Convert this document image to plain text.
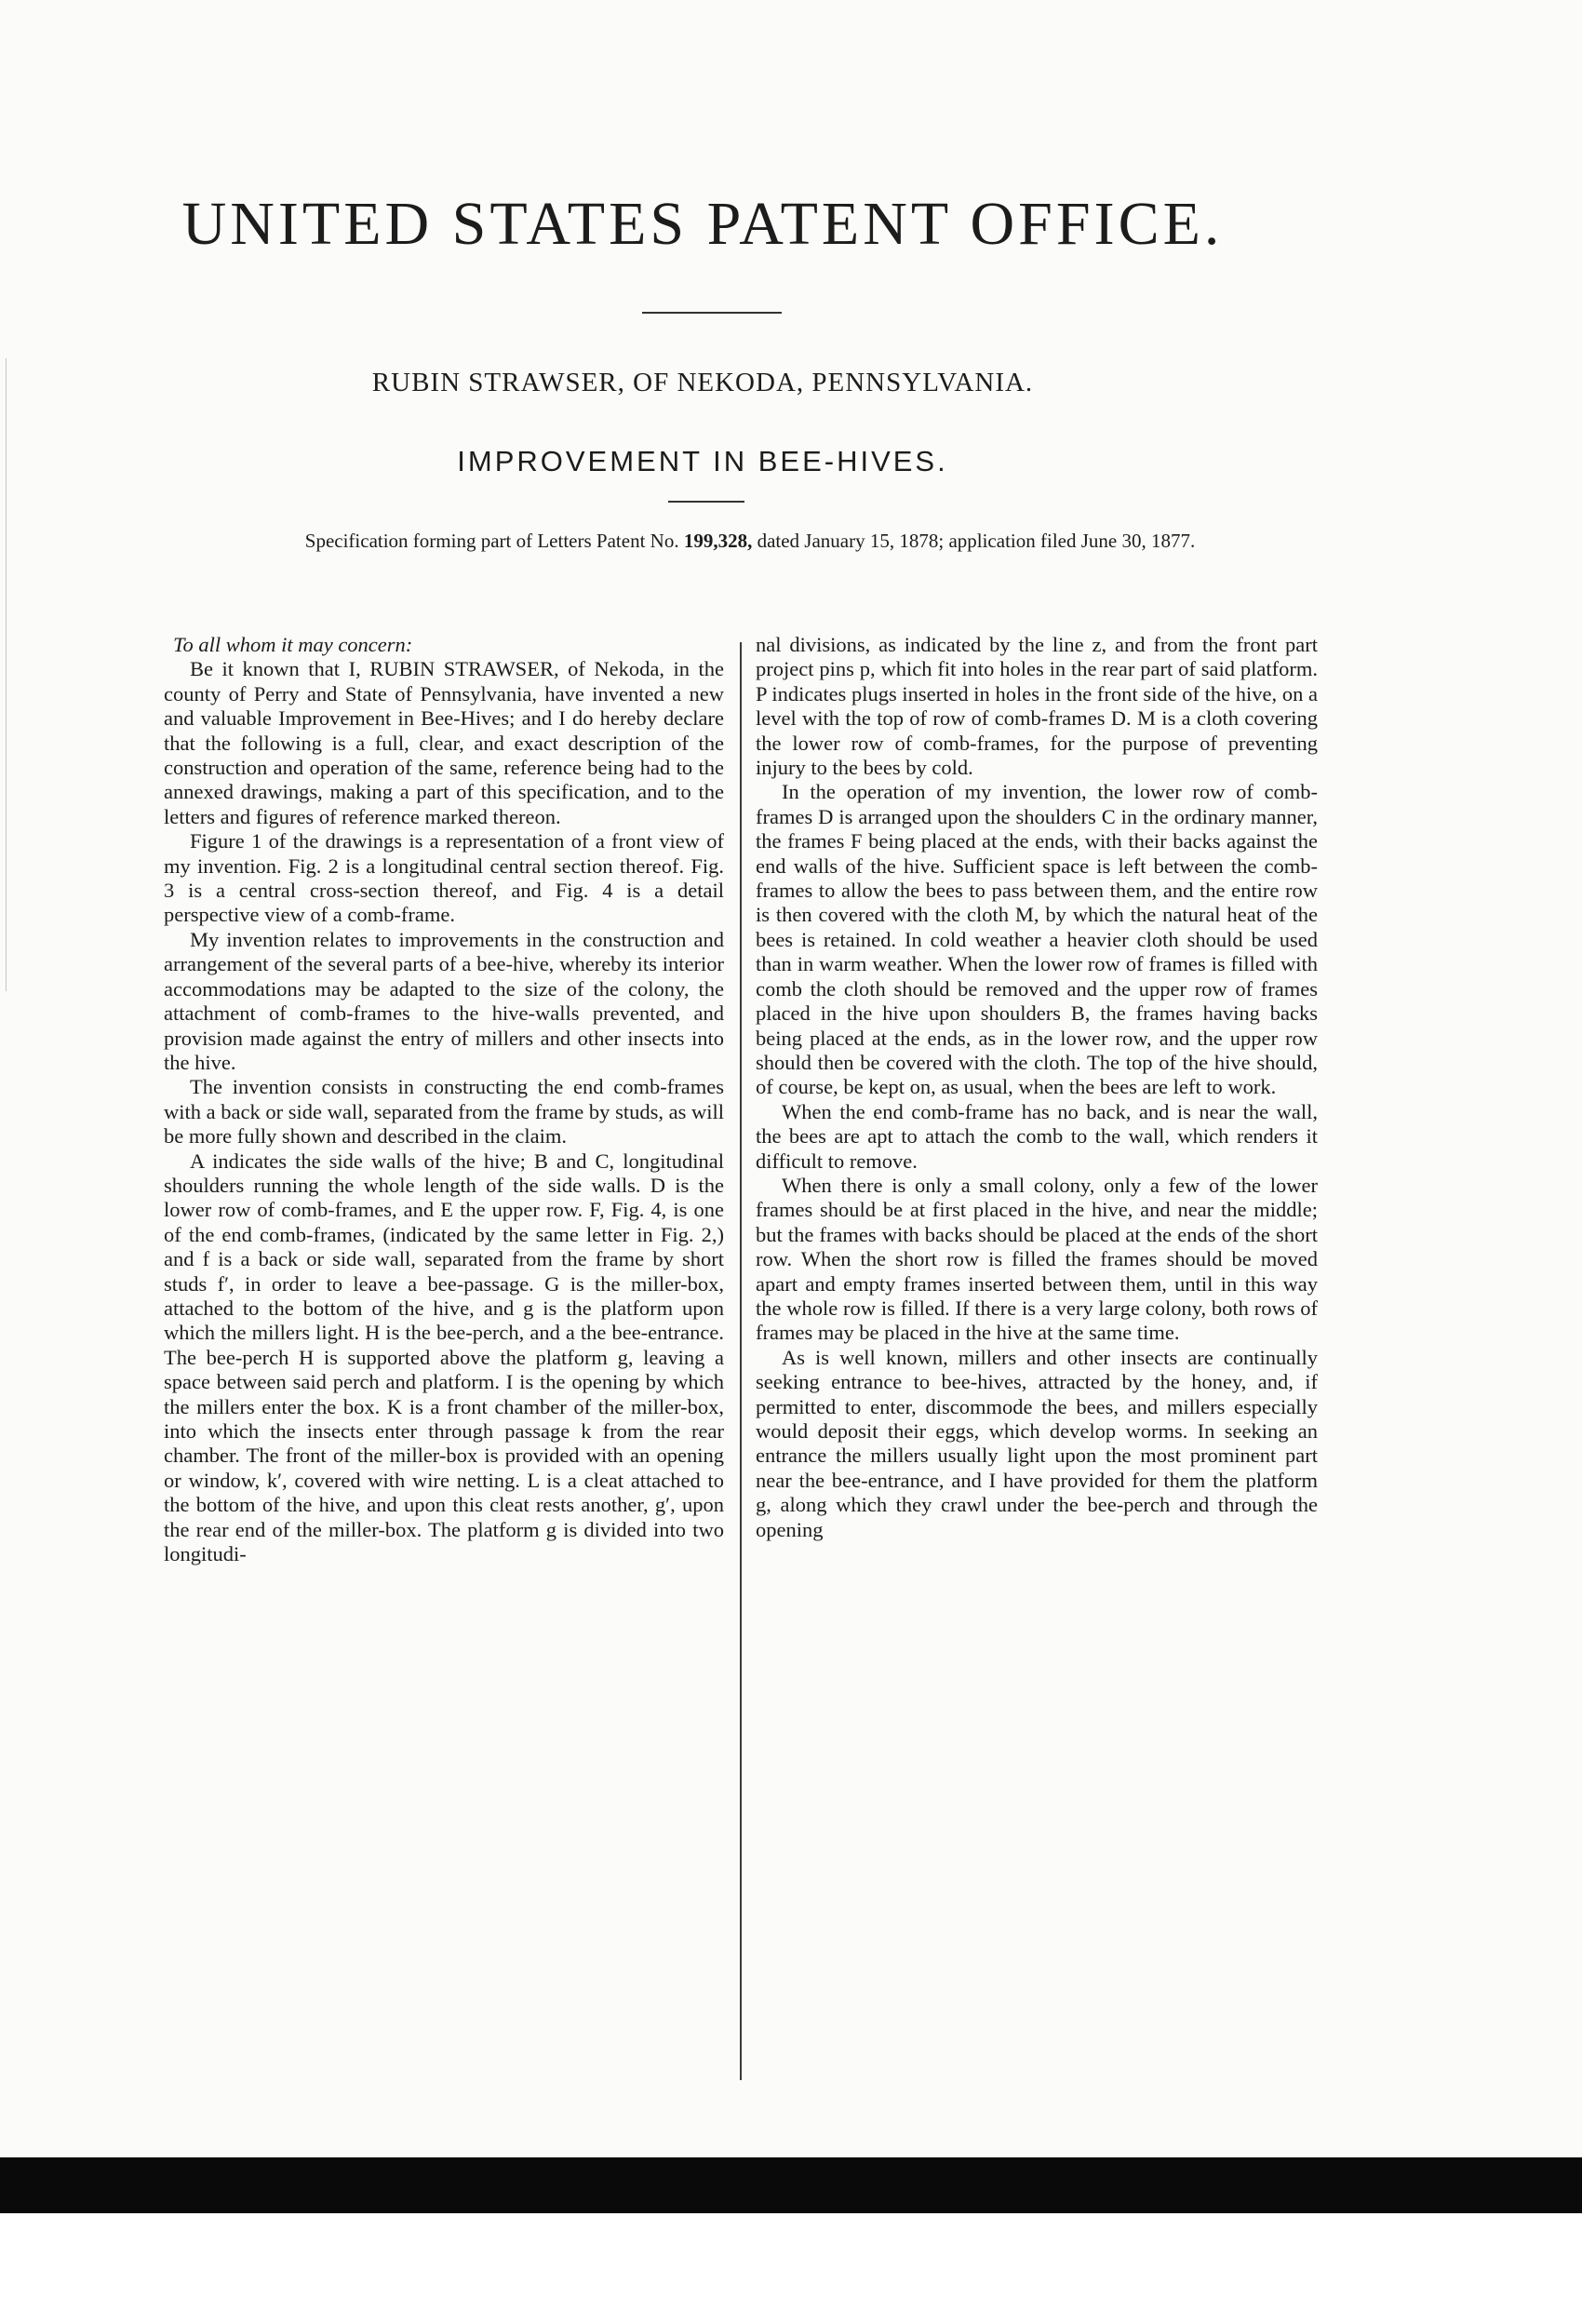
UNITED STATES PATENT OFFICE.
RUBIN STRAWSER, OF NEKODA, PENNSYLVANIA.
IMPROVEMENT IN BEE-HIVES.
Specification forming part of Letters Patent No. 199,328, dated January 15, 1878; application filed June 30, 1877.

To all whom it may concern:

Be it known that I, RUBIN STRAWSER, of Nekoda, in the county of Perry and State of Pennsylvania, have invented a new and valuable Improvement in Bee-Hives; and I do hereby declare that the following is a full, clear, and exact description of the construction and operation of the same, reference being had to the annexed drawings, making a part of this specification, and to the letters and figures of reference marked thereon.

Figure 1 of the drawings is a representation of a front view of my invention. Fig. 2 is a longitudinal central section thereof. Fig. 3 is a central cross-section thereof, and Fig. 4 is a detail perspective view of a comb-frame.

My invention relates to improvements in the construction and arrangement of the several parts of a bee-hive, whereby its interior accommodations may be adapted to the size of the colony, the attachment of comb-frames to the hive-walls prevented, and provision made against the entry of millers and other insects into the hive.

The invention consists in constructing the end comb-frames with a back or side wall, separated from the frame by studs, as will be more fully shown and described in the claim.

A indicates the side walls of the hive; B and C, longitudinal shoulders running the whole length of the side walls. D is the lower row of comb-frames, and E the upper row. F, Fig. 4, is one of the end comb-frames, (indicated by the same letter in Fig. 2,) and f is a back or side wall, separated from the frame by short studs f′, in order to leave a bee-passage. G is the miller-box, attached to the bottom of the hive, and g is the platform upon which the millers light. H is the bee-perch, and a the bee-entrance. The bee-perch H is supported above the platform g, leaving a space between said perch and platform. I is the opening by which the millers enter the box. K is a front chamber of the miller-box, into which the insects enter through passage k from the rear chamber. The front of the miller-box is provided with an opening or window, k′, covered with wire netting. L is a cleat attached to the bottom of the hive, and upon this cleat rests another, g′, upon the rear end of the miller-box. The platform g is divided into two longitudi-

nal divisions, as indicated by the line z, and from the front part project pins p, which fit into holes in the rear part of said platform. P indicates plugs inserted in holes in the front side of the hive, on a level with the top of row of comb-frames D. M is a cloth covering the lower row of comb-frames, for the purpose of preventing injury to the bees by cold.

In the operation of my invention, the lower row of comb-frames D is arranged upon the shoulders C in the ordinary manner, the frames F being placed at the ends, with their backs against the end walls of the hive. Sufficient space is left between the comb-frames to allow the bees to pass between them, and the entire row is then covered with the cloth M, by which the natural heat of the bees is retained. In cold weather a heavier cloth should be used than in warm weather. When the lower row of frames is filled with comb the cloth should be removed and the upper row of frames placed in the hive upon shoulders B, the frames having backs being placed at the ends, as in the lower row, and the upper row should then be covered with the cloth. The top of the hive should, of course, be kept on, as usual, when the bees are left to work.

When the end comb-frame has no back, and is near the wall, the bees are apt to attach the comb to the wall, which renders it difficult to remove.

When there is only a small colony, only a few of the lower frames should be at first placed in the hive, and near the middle; but the frames with backs should be placed at the ends of the short row. When the short row is filled the frames should be moved apart and empty frames inserted between them, until in this way the whole row is filled. If there is a very large colony, both rows of frames may be placed in the hive at the same time.

As is well known, millers and other insects are continually seeking entrance to bee-hives, attracted by the honey, and, if permitted to enter, discommode the bees, and millers especially would deposit their eggs, which develop worms. In seeking an entrance the millers usually light upon the most prominent part near the bee-entrance, and I have provided for them the platform g, along which they crawl under the bee-perch and through the opening
